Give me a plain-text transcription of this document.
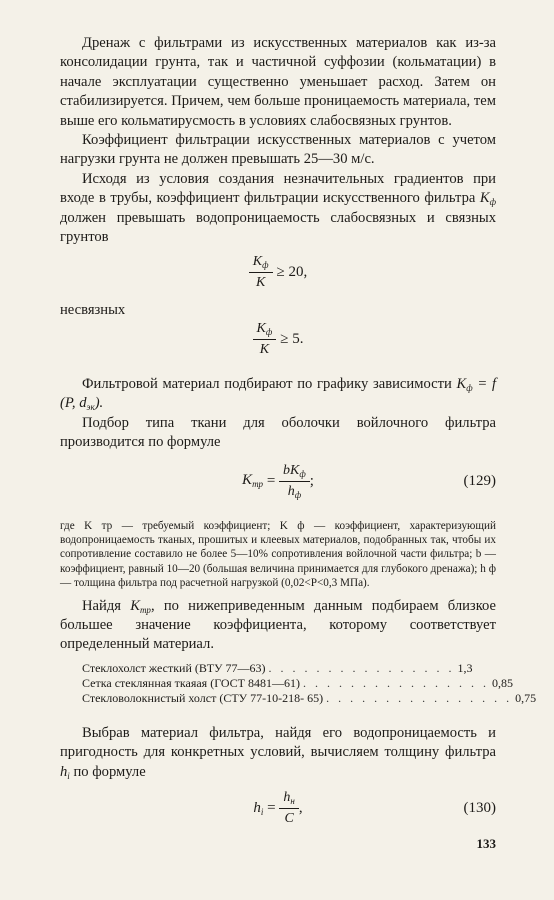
Дренаж с фильтрами из искусственных материалов как из-за консолидации грунта, так и частичной суффозии (кольматации) в начале эксплуатации существенно уменьшает расход. Затем он стабилизируется. Причем, чем больше проницаемость материала, тем выше его кольматирусмость в условиях слабосвязных грунтов.

Коэффициент фильтрации искусственных материалов с учетом нагрузки грунта не должен превышать 25—30 м/с.

Исходя из условия создания незначительных градиентов при входе в трубы, коэффициент фильтрации искусственного фильтра $K_ф$ должен превышать водопроницаемость слабосвязных и связных грунтов

$\frac{K_ф}{K} \ge 20$,

несвязных

$\frac{K_ф}{K} \ge 5$.

Фильтровой материал подбирают по графику зависимости $K_ф = f$ (P, $d_{эк}$).

Подбор типа ткани для оболочки войлочного фильтра производится по формуле

$K_{тр} = \frac{bK_ф}{h_ф}$ ;	(129)
где K тр — требуемый коэффициент; K ф — коэффициент, характеризующий водопроницаемость тканых, прошитых и клеевых материалов, подобранных так, чтобы их сопротивление составило не более 5—10% сопротивления войлочной части фильтра; b — коэффициент, равный 10—20 (большая величина принимается для глубокого дренажа); h ф — толщина фильтра под расчетной нагрузкой (0,02<P<0,3 МПа).

Найдя $K_{тр}$, по нижеприведенным данным подбираем близкое большее значение коэффициента, которому соответствует определенный материал.

Стеклохолст жесткий (ВТУ 77—63) . . . . . . . . . . . . . . . . 1,3
Сетка стеклянная ткаяая (ГОСТ 8481—61) . . . . . . . . . . . . . . . . 0,85
Стекловолокнистый холст (СТУ 77-10-218- 65) . . . . . . . . . . . . . . . . 0,75

Выбрав материал фильтра, найдя его водопроницаемость и пригодность для конкретных условий, вычисляем толщину фильтра $h_i$ по формуле

$h_i = \frac{h_н}{C}$ ,	(130)
133
